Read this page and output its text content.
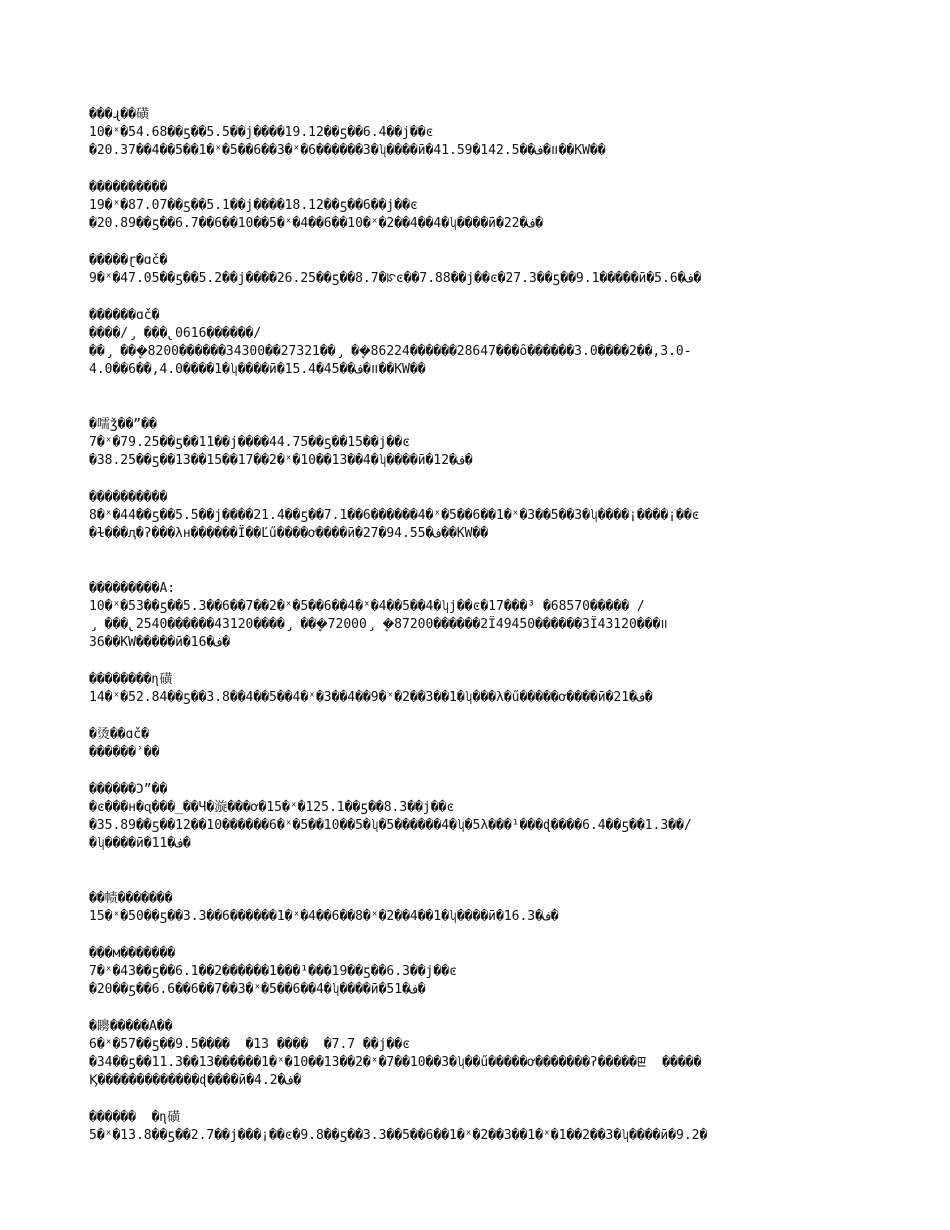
���ɻ��磺
10�ˣ�54.68��ƽ��5.5��j����19.12��ƽ��6.4��j��ͼ
�20.37��4��5��1�ˣ�5��6��3�ˣ�6������3�ʮ����ӣ�41.59�142.5��װ�ف��KW��
����������
19�ˣ�87.07��ƽ��5.1��j����18.12��ƽ��6��j��ͼ
�20.89��ƽ��6.7��6��10��5�ˣ�4��6��10�ˣ�2��4��4�ʮ����ӣ�22�ف�
�����ɽ�ɑč�
9�ˣ�47.05��ƽ��5.2��j����26.25��ƽ��8.7�ꡯͼ��7.88��j��ͼ�27.3��ƽ��9.1�����ӣ�5.6�ف�
������ɑč�
����/̡ ���̢0616������/
��̡ ���ܷ8200������34300��27321��̡ ��ܷ86224������28647���ȏ������3.0����2��,3.0-
4.0��6��,4.0����1�ʮ����ӣ�15.4�45��װ�ف��KW��
�嚅ǯ��”��
7�ˣ�79.25��ƽ��11��j����44.75��ƽ��15��j��ͼ
�38.25��ƽ��13��15��17��2�ˣ�10��13��4�ʮ����ӣ�12�ف�
����������
8�ˣ�44��ƽ��5.5��j����21.4��ƽ��7.1��6������4�ˣ�5��6��1�ˣ�3��5��3�ʮ����¡����¡��ͼ
�ɫ���ԯ�ʔ���λн������Ϊ��Ľű����ơ����ӣ�27�94.55�ف��KW��
���������A:
10�ˣ�53��ƽ��5.3��6��7��2�ˣ�5��6��4�ˣ�4��5��4�ʮj��ͼ�17���³ �68570����� /
̡ ���̢2540������43120����̡ ���ܷ72000̡ �ܷ87200������2Ϊ49450������3Ϊ43120���װ
36��KW�����ӣ�16�ف�
��������ɳ磺
14�ˣ�52.84��ƽ��3.8��4��5��4�ˣ�3��4��9�ˣ�2��3��1�ʮ���λ�ű�����ơ����ӣ�21�ف�
�烫��ɑč�
������ʾ��
������Ͻ”��
�ͼ���н�ɋ���_��Ч�漩���ơ�15�ˣ�125.1��ƽ��8.3��j��ͼ
�35.89��ƽ��12��10������6�ˣ�5��10��5�ʮ�5������4�ʮ�5λ���¹���ɖ����6.4��ƽ��1.3��/
�ʮ����ӣ�11�ف�
��帻�������
15�ˣ�50��ƽ��3.3��6������1�ˣ�4��6��8�ˣ�2��4��1�ʮ����ӣ�16.3�ف�
���м�������
7�ˣ�43��ƽ��6.1��2������1���¹���19��ƽ��6.3��j��ͼ
�20��ƽ��6.6��6��7��3�ˣ�5��6��4�ʮ����ӣ�51�ف�
�矏�����A��
6�ˣ�57��ƽ��9.5����  �13 ����  �7.7 ��j��ͼ
�34��ƽ��11.3��13������1�ˣ�10��13��2�ˣ�7��10��3�ʮ��ű�����ơ�������ʔ�����ꡣ  �����
Ϗ�������������ɖ����ӣ�4.2�ف�
������  �ɳ磺
5�ˣ�13.8��ƽ��2.7��j���¡��ͼ�9.8��ƽ��3.3��5��6��1�ˣ�2��3��1�ˣ�1��2��3�ʮ����ӣ�9.2�
